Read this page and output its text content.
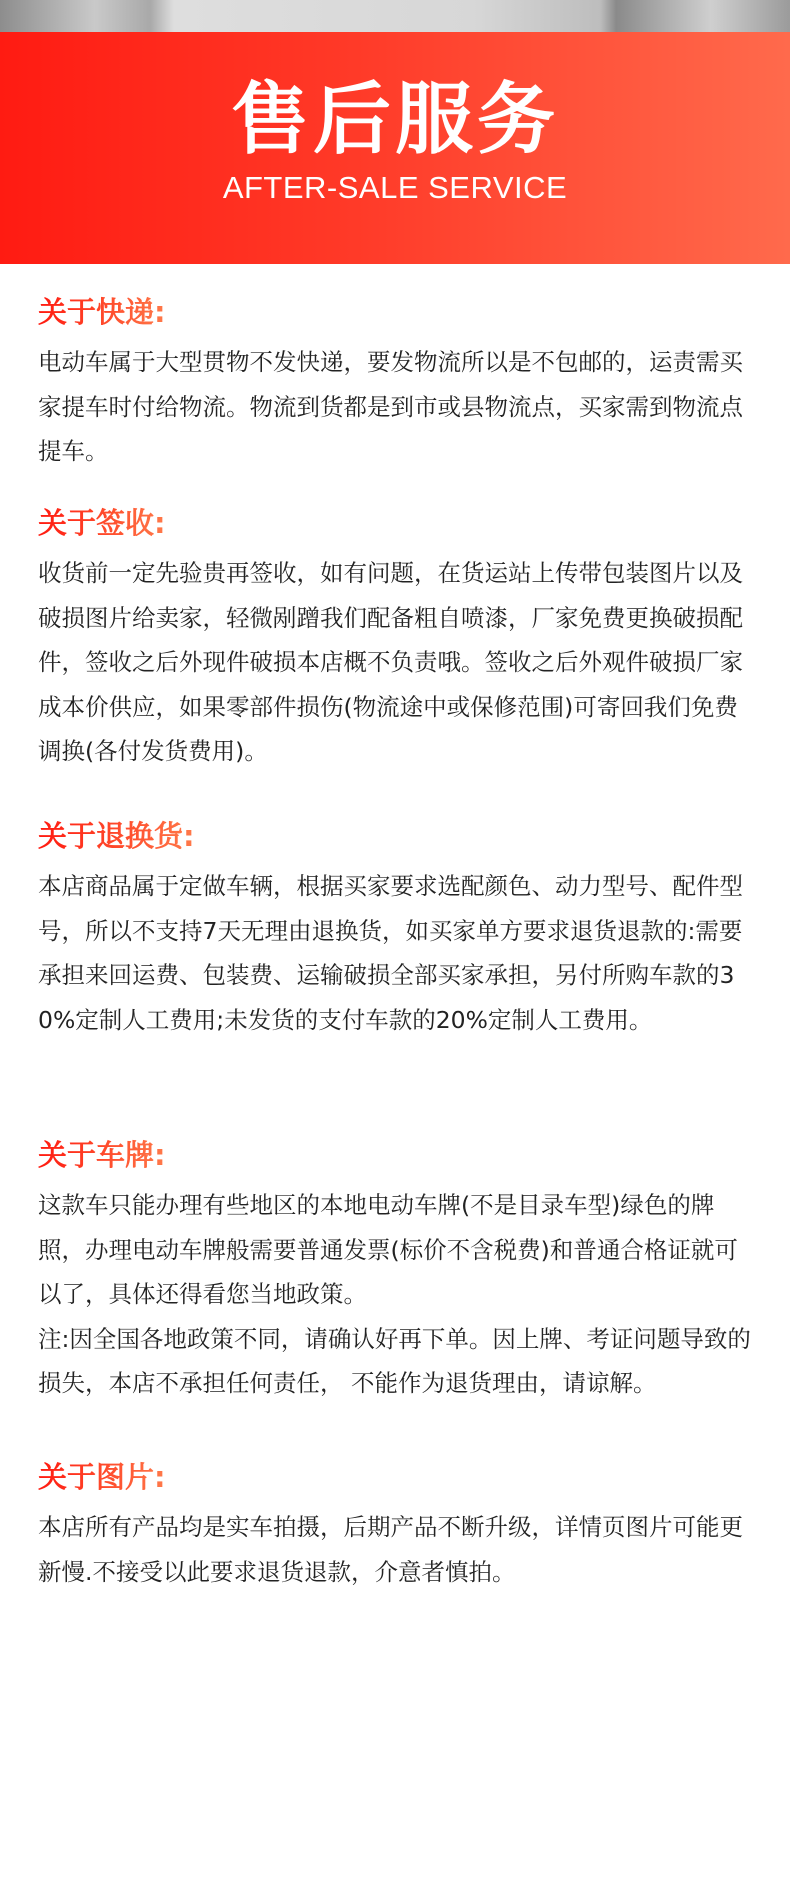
售后服务
AFTER-SALE SERVICE
关于快递:

电动车属于大型贯物不发快递，要发物流所以是不包邮的，运责需买家提车时付给物流。物流到货都是到市或县物流点，买家需到物流点提车。

关于签收:

收货前一定先验贵再签收，如有问题，在货运站上传带包装图片以及破损图片给卖家，轻微剐蹭我们配备粗自喷漆，厂家免费更换破损配件，签收之后外现件破损本店概不负责哦。签收之后外观件破损厂家成本价供应，如果零部件损伤(物流途中或保修范围)可寄回我们免费调换(各付发货费用)。

关于退换货:

本店商品属于定做车辆，根据买家要求选配颜色、动力型号、配件型号，所以不支持7天无理由退换货，如买家单方要求退货退款的:需要承担来回运费、包装费、运输破损全部买家承担，另付所购车款的30%定制人工费用;未发货的支付车款的20%定制人工费用。

关于车牌:

这款车只能办理有些地区的本地电动车牌(不是目录车型)绿色的牌照，办理电动车牌般需要普通发票(标价不含税费)和普通合格证就可以了，具体还得看您当地政策。

注:因全国各地政策不同，请确认好再下单。因上牌、考证问题导致的损失，本店不承担任何责任， 不能作为退货理由，请谅解。

关于图片:

本店所有产品均是实车拍摄，后期产品不断升级，详情页图片可能更新慢.不接受以此要求退货退款，介意者慎拍。
